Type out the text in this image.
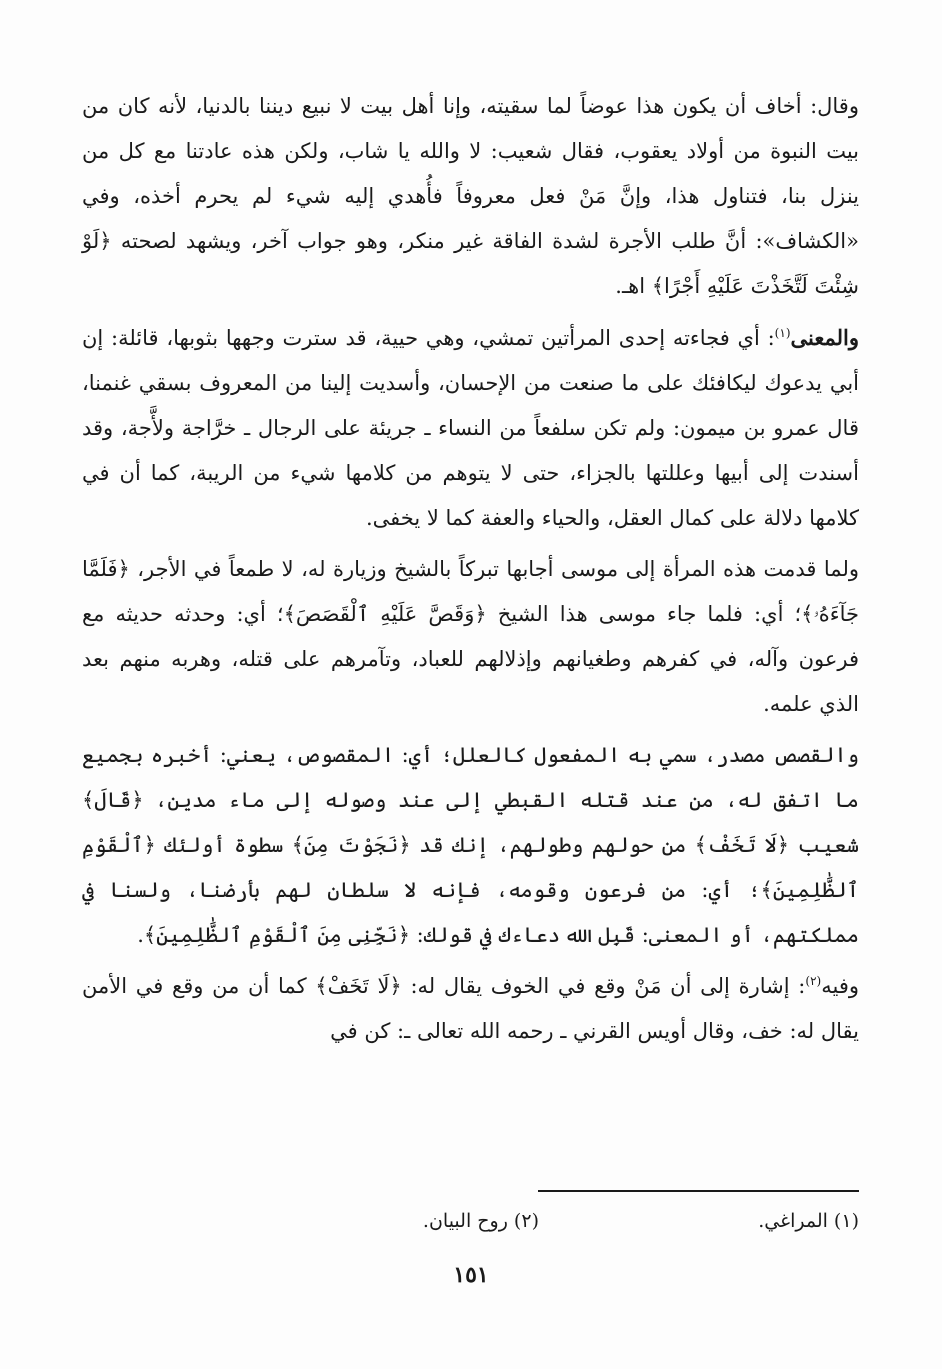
وقال: أخاف أن يكون هذا عوضاً لما سقيته، وإنا أهل بيت لا نبيع ديننا بالدنيا، لأنه كان من بيت النبوة من أولاد يعقوب، فقال شعيب: لا والله يا شاب، ولكن هذه عادتنا مع كل من ينزل بنا، فتناول هذا، وإنَّ مَنْ فعل معروفاً فأُهدي إليه شيء لم يحرم أخذه، وفي «الكشاف»: أنَّ طلب الأجرة لشدة الفاقة غير منكر، وهو جواب آخر، ويشهد لصحته ﴿لَوْ شِئْتَ لَتَّخَذْتَ عَلَيْهِ أَجْرًا﴾ اهـ.

والمعنى$^{(١)}$: أي فجاءته إحدى المرأتين تمشي، وهي حيية، قد سترت وجهها بثوبها، قائلة: إن أبي يدعوك ليكافئك على ما صنعت من الإحسان، وأسديت إلينا من المعروف بسقي غنمنا، قال عمرو بن ميمون: ولم تكن سلفعاً من النساء ـ جريئة على الرجال ـ خرَّاجة ولأَّجة، وقد أسندت إلى أبيها وعللتها بالجزاء، حتى لا يتوهم من كلامها شيء من الريبة، كما أن في كلامها دلالة على كمال العقل، والحياء والعفة كما لا يخفى.

ولما قدمت هذه المرأة إلى موسى أجابها تبركاً بالشيخ وزيارة له، لا طمعاً في الأجر، ﴿فَلَمَّا جَآءَهُۥ﴾؛ أي: فلما جاء موسى هذا الشيخ ﴿وَقَصَّ عَلَيْهِ ٱلْقَصَصَ﴾؛ أي: وحدثه حديثه مع فرعون وآله، في كفرهم وطغيانهم وإذلالهم للعباد، وتآمرهم على قتله، وهربه منهم بعد الذي علمه.

والقصص مصدر، سمي به المفعول كالعلل؛ أي: المقصوص، يعني: أخبره بجميع ما اتفق له، من عند قتله القبطي إلى عند وصوله إلى ماء مدين، ﴿قَالَ﴾ شعيب ﴿لَا تَخَفْ﴾ من حولهم وطولهم، إنك قد ﴿نَجَوْتَ مِنَ﴾ سطوة أولئك ﴿ٱلْقَوْمِ ٱلظَّٰلِمِينَ﴾؛ أي: من فرعون وقومه، فإنه لا سلطان لهم بأرضنا، ولسنا في مملكتهم، أو المعنى: قَبِل الله دعاءك في قولك: ﴿نَجِّنِى مِنَ ٱلْقَوْمِ ٱلظَّٰلِمِينَ﴾.

وفيه$^{(٢)}$: إشارة إلى أن مَنْ وقع في الخوف يقال له: ﴿لَا تَخَفْ﴾ كما أن من وقع في الأمن يقال له: خف، وقال أويس القرني ـ رحمه الله تعالى ـ: كن في

(١) المراغي.
(٢) روح البيان.
١٥١
